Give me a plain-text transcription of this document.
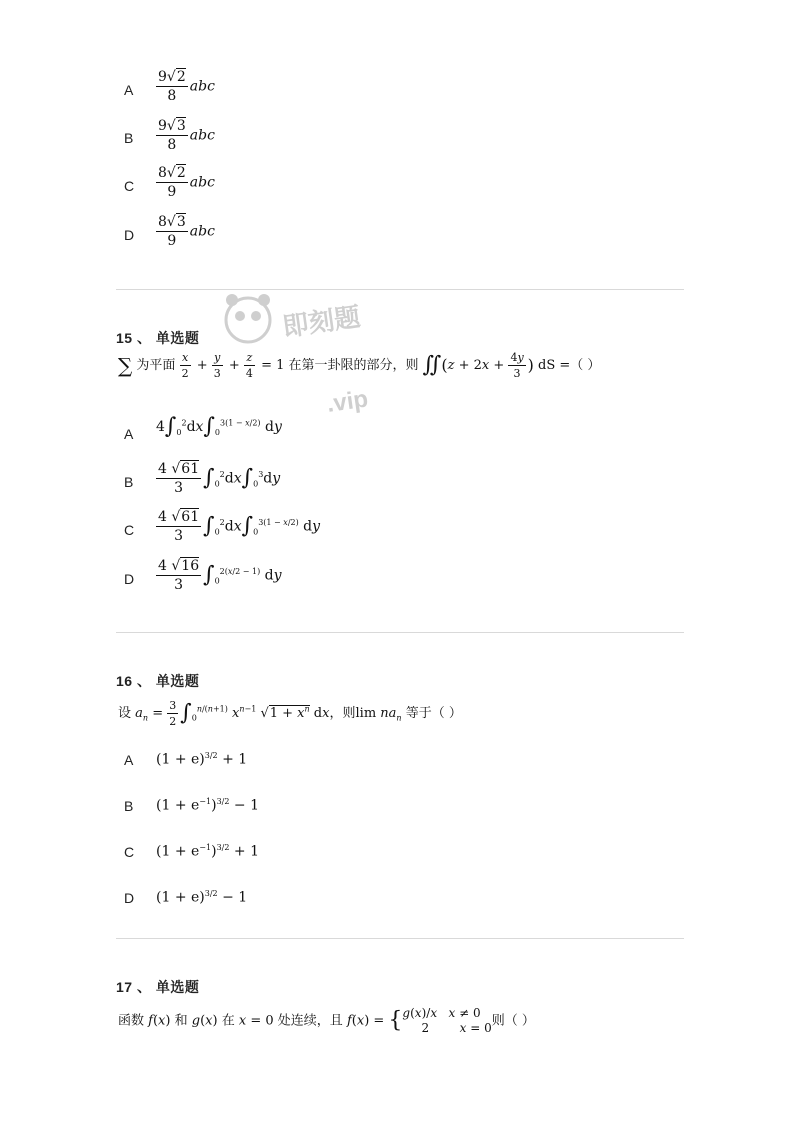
A $\frac{9√2}{8}$ abc
B $\frac{9√3}{8}$ abc
C $\frac{8√2}{9}$ abc
D $\frac{8√3}{9}$ abc
即刻题
.vip
15 、 单选题
∑ 为平面 $\frac{x}{2} + \frac{y}{3} + \frac{z}{4} = 1$ 在第一卦限的部分，则 ∬(z + $2x + \frac{4y}{3}$ ) dS =（ ）
A $4\int_0^2dx\int_0^{3(1 - x/2)}$ dy
B $\frac{4 √61}{3} \int_0^2dx\int_0^3dy$
C $\frac{4 √61}{3} \int_0^2dx\int_0^{3(1 - x/2)}$ dy
D $\frac{4 √16}{3} \int_0^{2(x/2 - 1)}$ dy
16 、 单选题
设 $a_n = \frac{3}{2} \int_0^{n/(n+1)}$ $x^{n-1}$ $√1 + x^n$ dx，则$\lim na_n$ 等于（ ）
A $(1 + e)^{3/2} + 1$
B $(1 + e^{-1})^{3/2} - 1$
C $(1 + e^{-1})^{3/2} + 1$
D $(1 + e)^{3/2} - 1$
17 、 单选题
函数 f(x) 和 g(x) 在 x = 0 处连续，且 f(x) = {g(x)/x x ≠ 0
2        x = 0则（ ）
